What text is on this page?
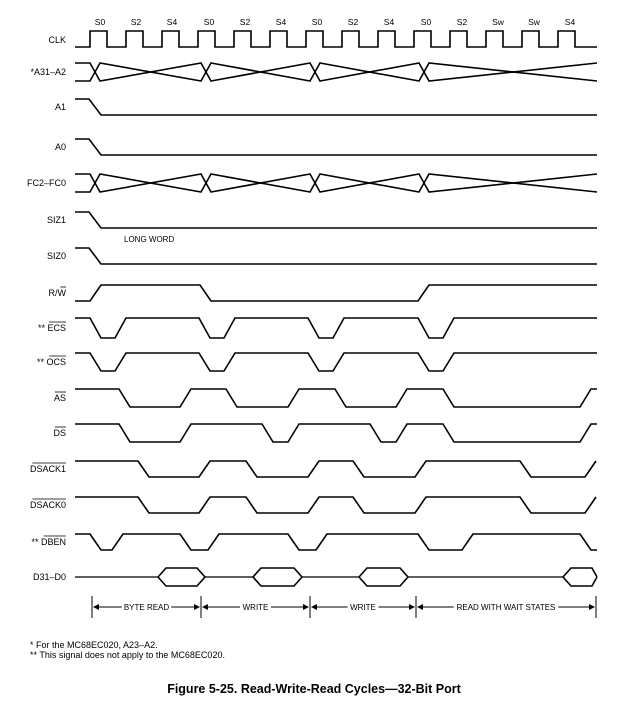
S0	S2	S4	S0	S2	S4	S0	S2	S4	S0	S2	Sw	Sw	S4
CLK
*A31–A2
A1
A0
FC2–FC0
SIZ1
SIZ0
R/W
** ECS
** OCS
AS
DS
DSACK1
DSACK0
** DBEN
D31–D0
LONG WORD
BYTE READ	WRITE	WRITE	READ WITH WAIT STATES
* For the MC68EC020, A23–A2.
** This signal does not apply to the MC68EC020.
Figure 5-25. Read-Write-Read Cycles—32-Bit Port
